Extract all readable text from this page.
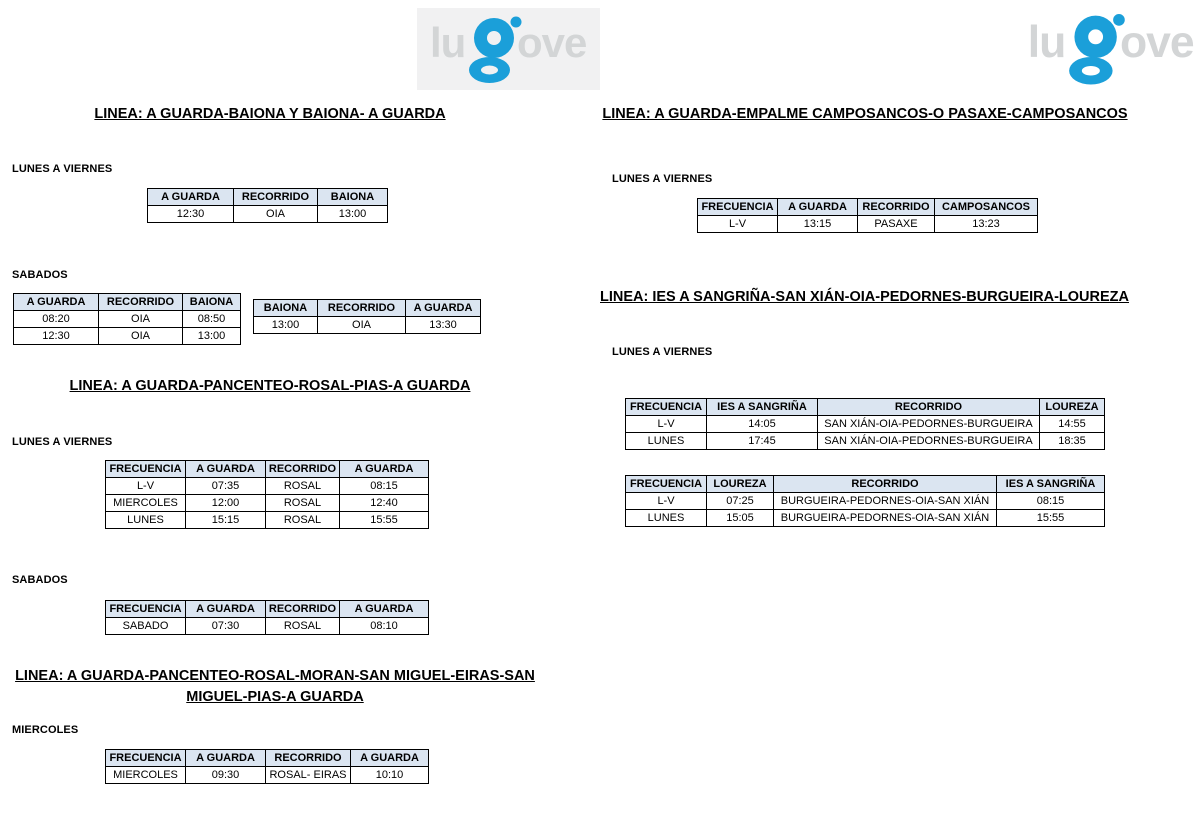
lu ove	lu ove
LINEA: A GUARDA-BAIONA Y BAIONA- A GUARDA
LUNES A VIERNES
A GUARDA	RECORRIDO	BAIONA
12:30	OIA	13:00
SABADOS
A GUARDA	RECORRIDO	BAIONA
08:20	OIA	08:50
12:30	OIA	13:00
BAIONA	RECORRIDO	A GUARDA
13:00	OIA	13:30
LINEA: A GUARDA-PANCENTEO-ROSAL-PIAS-A GUARDA
LUNES A VIERNES
FRECUENCIA	A GUARDA	RECORRIDO	A GUARDA
L-V	07:35	ROSAL	08:15
MIERCOLES	12:00	ROSAL	12:40
LUNES	15:15	ROSAL	15:55
SABADOS
FRECUENCIA	A GUARDA	RECORRIDO	A GUARDA
SABADO	07:30	ROSAL	08:10
LINEA: A GUARDA-PANCENTEO-ROSAL-MORAN-SAN MIGUEL-EIRAS-SAN MIGUEL-PIAS-A GUARDA
MIERCOLES
FRECUENCIA	A GUARDA	RECORRIDO	A GUARDA
MIERCOLES	09:30	ROSAL- EIRAS	10:10
LINEA: A GUARDA-EMPALME CAMPOSANCOS-O PASAXE-CAMPOSANCOS
LUNES A VIERNES
FRECUENCIA	A GUARDA	RECORRIDO	CAMPOSANCOS
L-V	13:15	PASAXE	13:23
LINEA: IES A SANGRIÑA-SAN XIÁN-OIA-PEDORNES-BURGUEIRA-LOUREZA
LUNES A VIERNES
FRECUENCIA	IES A SANGRIÑA	RECORRIDO	LOUREZA
L-V	14:05	SAN XIÁN-OIA-PEDORNES-BURGUEIRA	14:55
LUNES	17:45	SAN XIÁN-OIA-PEDORNES-BURGUEIRA	18:35
FRECUENCIA	LOUREZA	RECORRIDO	IES A SANGRIÑA
L-V	07:25	BURGUEIRA-PEDORNES-OIA-SAN XIÁN	08:15
LUNES	15:05	BURGUEIRA-PEDORNES-OIA-SAN XIÁN	15:55
